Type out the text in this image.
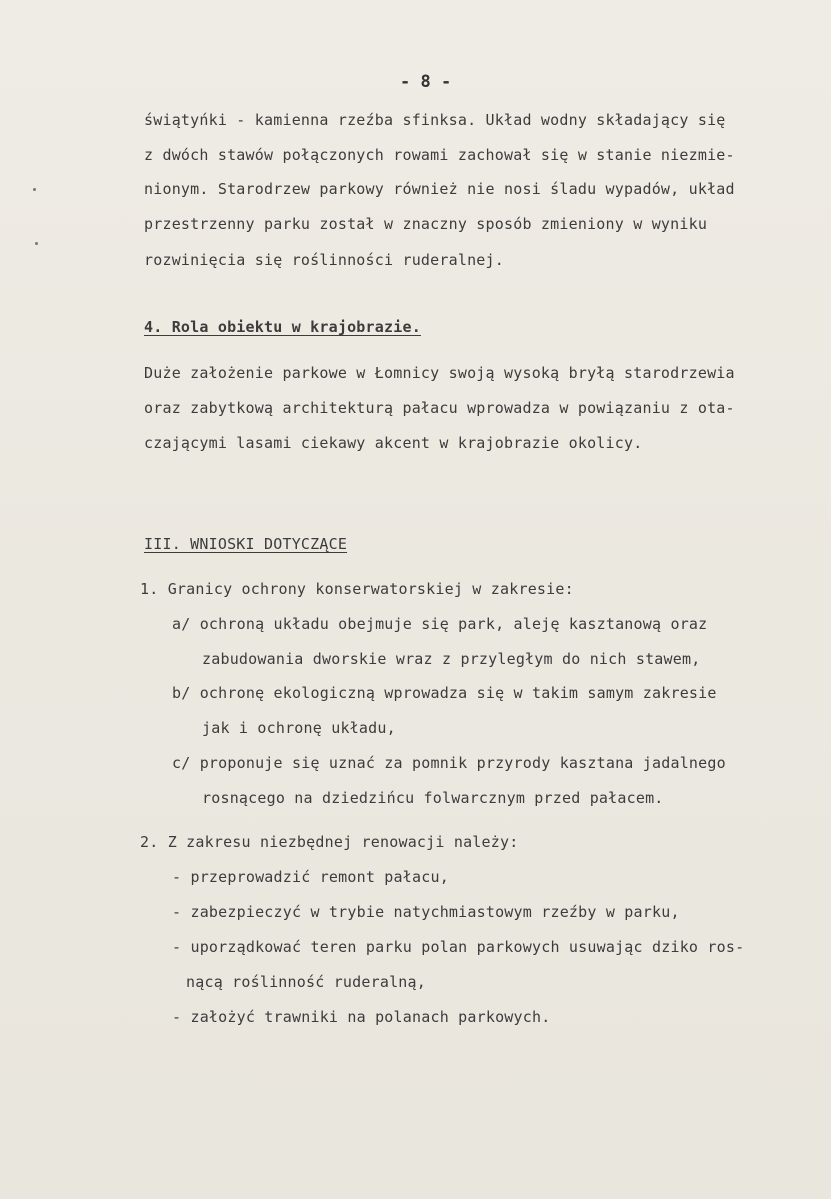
- 8 -
świątyńki - kamienna rzeźba sfinksa. Układ wodny składający się
z dwóch stawów połączonych rowami zachował się w stanie niezmie-
nionym. Starodrzew parkowy również nie nosi śladu wypadów, układ
przestrzenny parku został w znaczny sposób zmieniony w wyniku
rozwinięcia się roślinności ruderalnej.
4. Rola obiektu w krajobrazie.
Duże założenie parkowe w Łomnicy swoją wysoką bryłą starodrzewia
oraz zabytkową architekturą pałacu wprowadza w powiązaniu z ota-
czającymi lasami ciekawy akcent w krajobrazie okolicy.
III. WNIOSKI DOTYCZĄCE
1. Granicy ochrony konserwatorskiej w zakresie:
a/ ochroną układu obejmuje się park, aleję kasztanową oraz
zabudowania dworskie wraz z przyległym do nich stawem,
b/ ochronę ekologiczną wprowadza się w takim samym zakresie
jak i ochronę układu,
c/ proponuje się uznać za pomnik przyrody kasztana jadalnego
rosnącego na dziedzińcu folwarcznym przed pałacem.
2. Z zakresu niezbędnej renowacji należy:
- przeprowadzić remont pałacu,
- zabezpieczyć w trybie natychmiastowym rzeźby w parku,
- uporządkować teren parku polan parkowych usuwając dziko ros-
nącą roślinność ruderalną,
- założyć trawniki na polanach parkowych.
